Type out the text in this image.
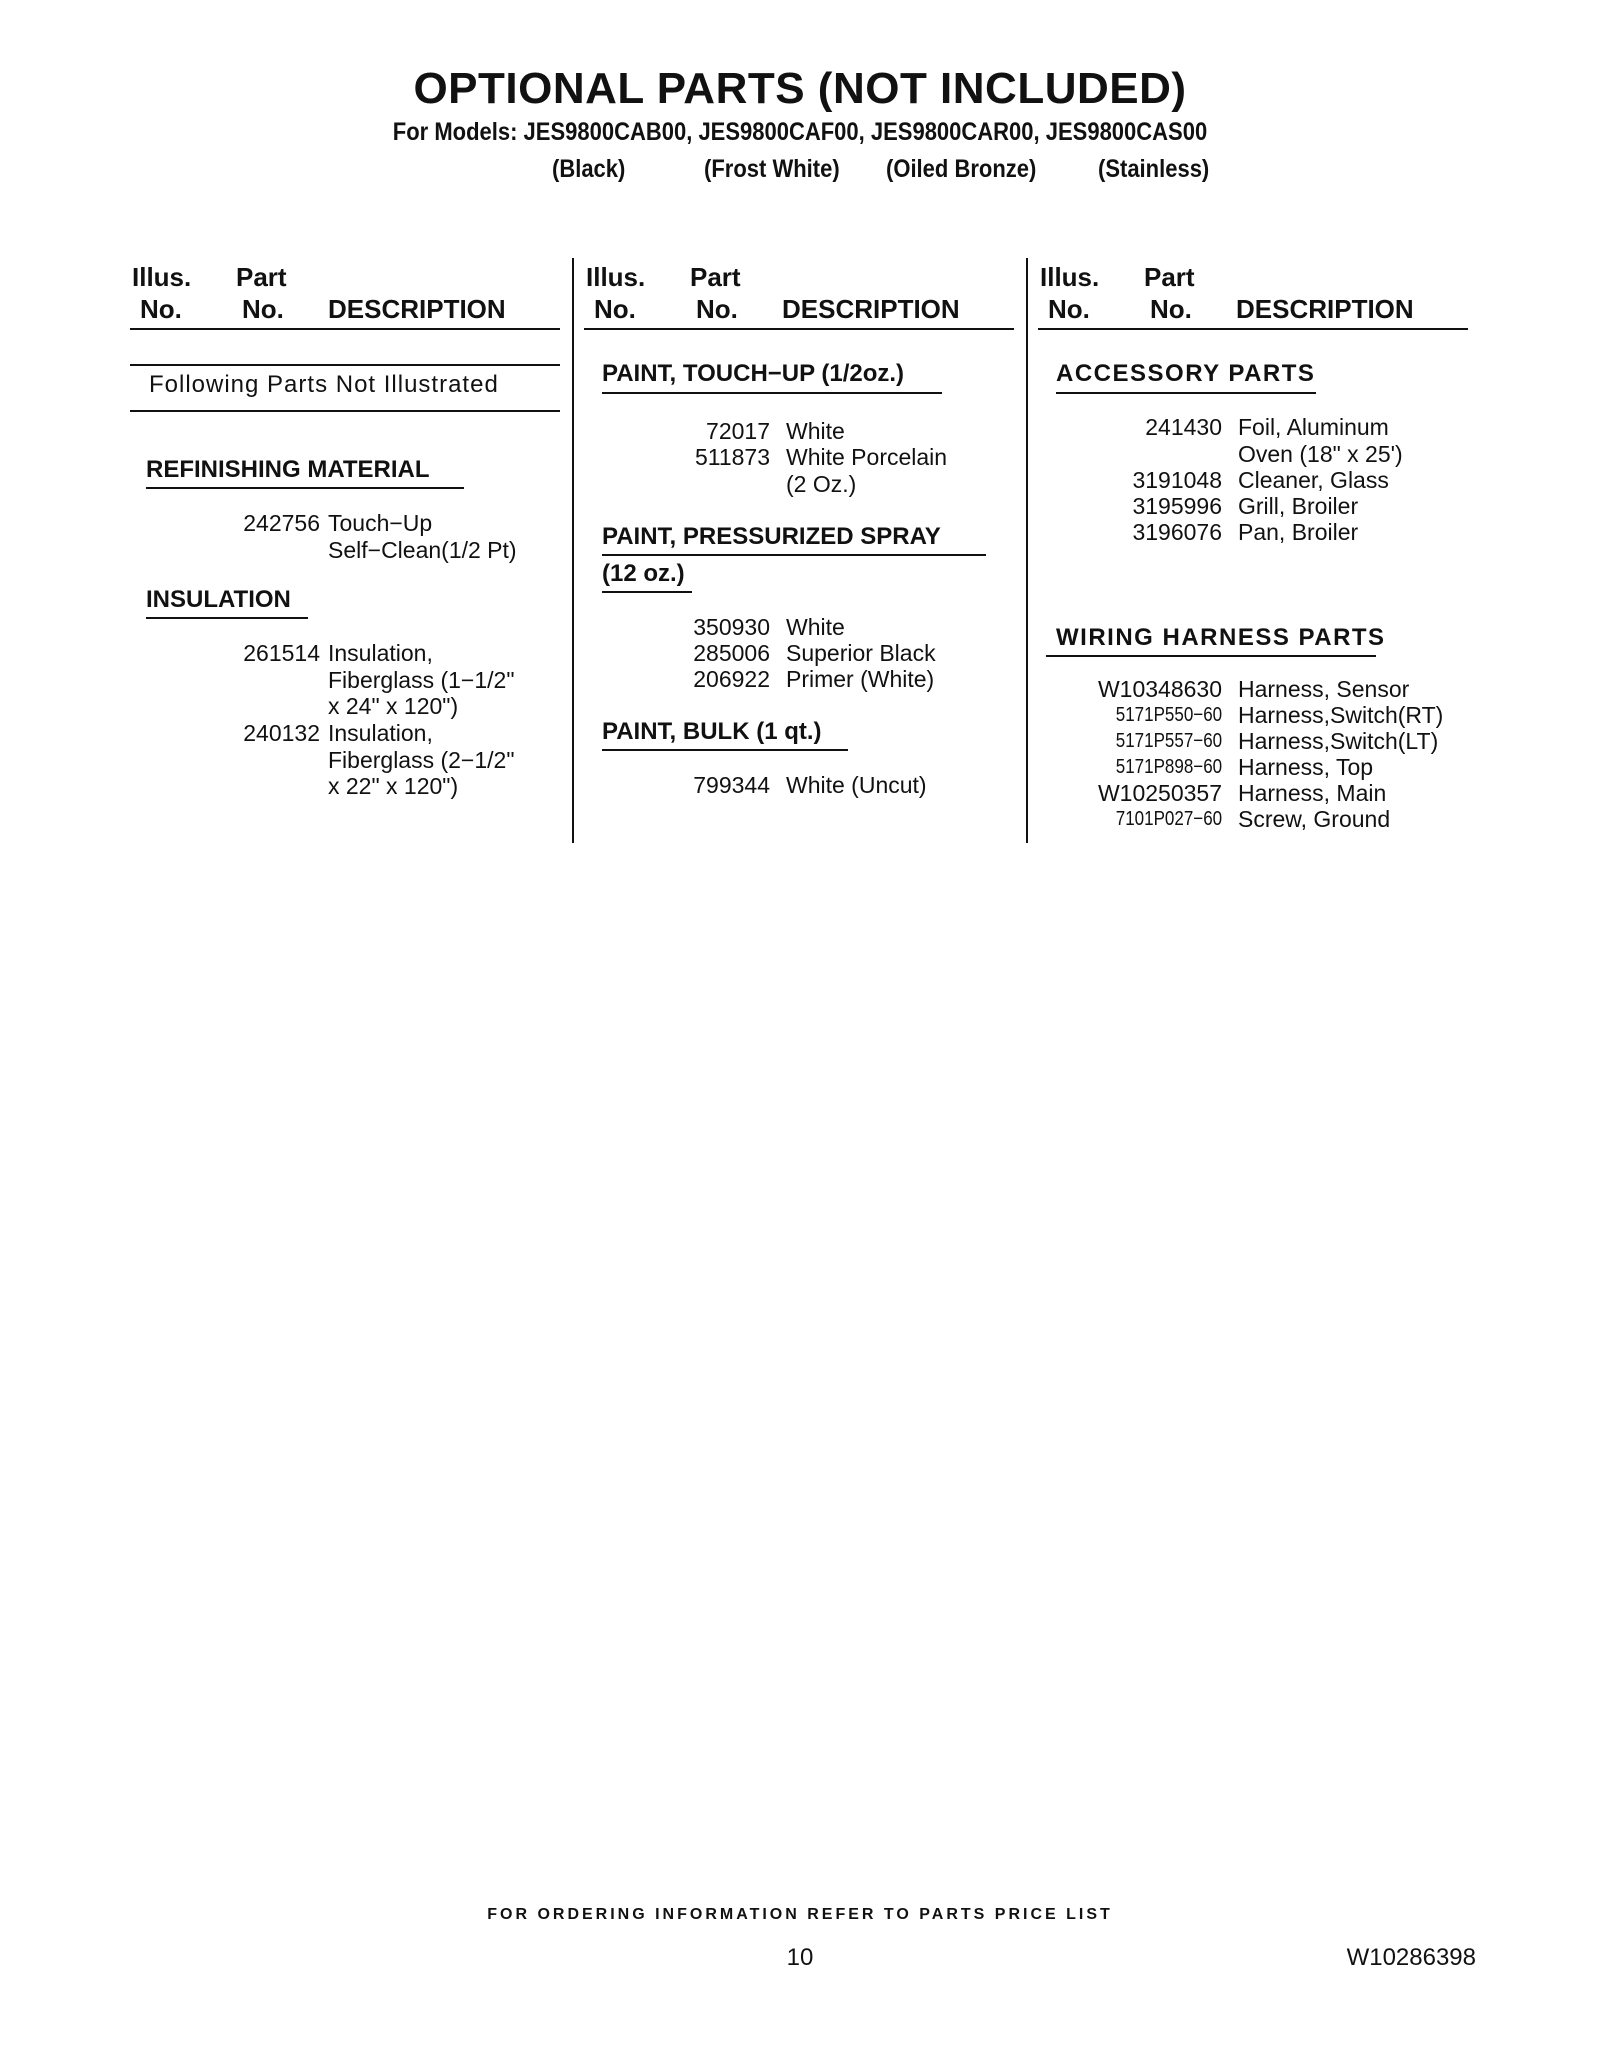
OPTIONAL PARTS (NOT INCLUDED)
For Models: JES9800CAB00, JES9800CAF00, JES9800CAR00, JES9800CAS00
(Black)	(Frost White) (Oiled Bronze) (Stainless)
Illus.
No.
Part
No. DESCRIPTION
Following Parts Not Illustrated
REFINISHING MATERIAL
242756 Touch−Up
Self−Clean(1/2 Pt)
INSULATION
261514 Insulation,
Fiberglass (1−1/2"
x 24" x 120")
240132 Insulation,
Fiberglass (2−1/2"
x 22" x 120")
Illus.
No.
Part
No. DESCRIPTION
PAINT, TOUCH−UP (1/2oz.)
72017 White
511873 White Porcelain
(2 Oz.)
PAINT, PRESSURIZED SPRAY
(12 oz.)
350930 White
285006 Superior Black
206922 Primer (White)
PAINT, BULK (1 qt.)
799344 White (Uncut)
Illus.
No.
Part
No. DESCRIPTION
ACCESSORY PARTS
241430 Foil, Aluminum
Oven (18" x 25')
3191048 Cleaner, Glass
3195996 Grill, Broiler
3196076 Pan, Broiler
WIRING HARNESS PARTS
W10348630 Harness, Sensor
5171P550−60 Harness,Switch(RT)
5171P557−60 Harness,Switch(LT)
5171P898−60 Harness, Top
W10250357 Harness, Main
7101P027−60 Screw, Ground
FOR ORDERING INFORMATION REFER TO PARTS PRICE LIST
10	W10286398
